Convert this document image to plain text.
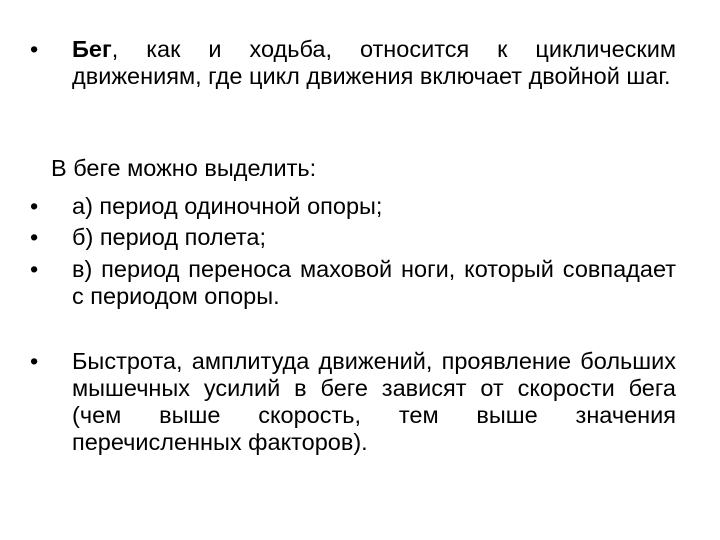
•	Бег, как и ходьба, относится к циклическим движениям, где цикл движения включает двойной шаг.
В беге можно выделить:
•	а) период одиночной опоры;
•	б) период полета;
•	в) период переноса маховой ноги, который совпадает с периодом опоры.
•	Быстрота, амплитуда движений, проявление больших мышечных усилий в беге зависят от скорости бега (чем выше скорость, тем выше значения перечисленных факторов).
